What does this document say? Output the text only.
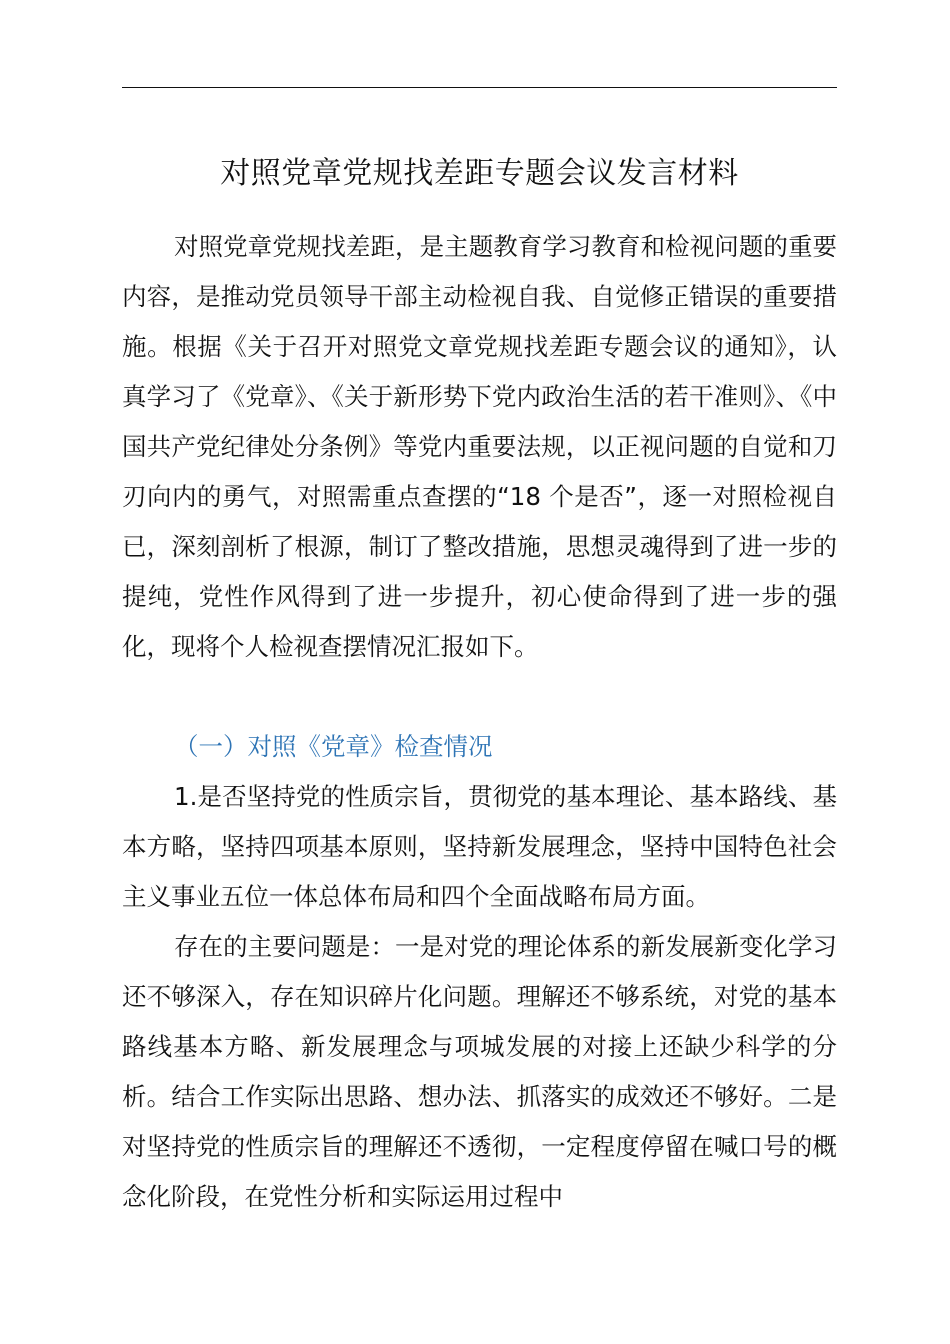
对照党章党规找差距专题会议发言材料
对照党章党规找差距，是主题教育学习教育和检视问题的重要内容，是推动党员领导干部主动检视自我、自觉修正错误的重要措施。根据《关于召开对照党文章党规找差距专题会议的通知》，认真学习了《党章》、《关于新形势下党内政治生活的若干准则》、《中国共产党纪律处分条例》等党内重要法规，以正视问题的自觉和刀刃向内的勇气，对照需重点查摆的“18 个是否”，逐一对照检视自已，深刻剖析了根源，制订了整改措施，思想灵魂得到了进一步的提纯，党性作风得到了进一步提升，初心使命得到了进一步的强化，现将个人检视查摆情况汇报如下。
（一）对照《党章》检查情况
1.是否坚持党的性质宗旨，贯彻党的基本理论、基本路线、基本方略，坚持四项基本原则，坚持新发展理念，坚持中国特色社会主义事业五位一体总体布局和四个全面战略布局方面。
存在的主要问题是：一是对党的理论体系的新发展新变化学习还不够深入，存在知识碎片化问题。理解还不够系统，对党的基本路线基本方略、新发展理念与项城发展的对接上还缺少科学的分析。结合工作实际出思路、想办法、抓落实的成效还不够好。二是对坚持党的性质宗旨的理解还不透彻，一定程度停留在喊口号的概念化阶段，在党性分析和实际运用过程中
